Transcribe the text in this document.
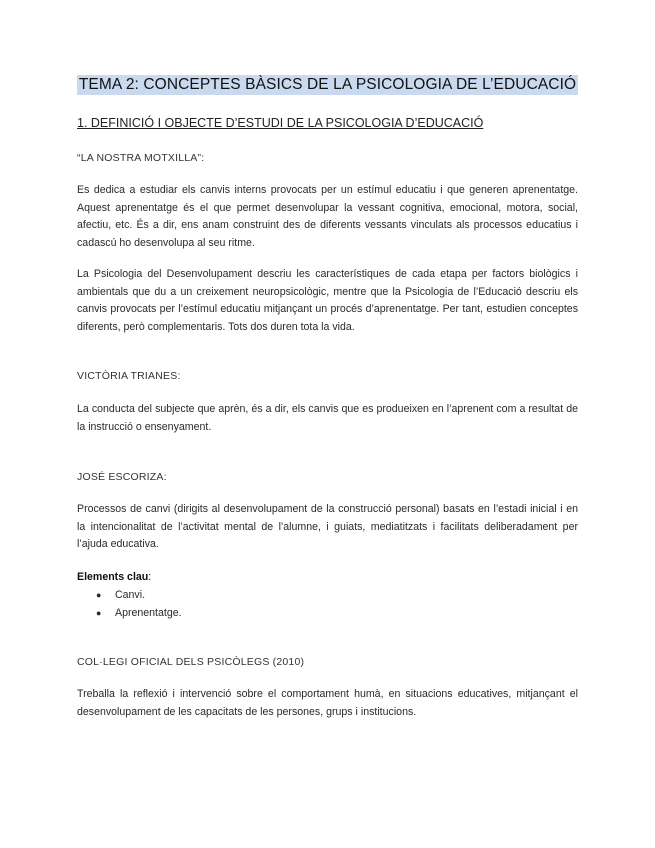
TEMA 2: CONCEPTES BÀSICS DE LA PSICOLOGIA DE L’EDUCACIÓ
1. DEFINICIÓ I OBJECTE D’ESTUDI DE LA PSICOLOGIA D’EDUCACIÓ
“LA NOSTRA MOTXILLA”:

Es dedica a estudiar els canvis interns provocats per un estímul educatiu i que generen aprenentatge. Aquest aprenentatge és el que permet desenvolupar la vessant cognitiva, emocional, motora, social, afectiu, etc. És a dir, ens anam construint des de diferents vessants vinculats als processos educatius i cadascú ho desenvolupa al seu ritme.

La Psicologia del Desenvolupament descriu les característiques de cada etapa per factors biològics i ambientals que du a un creixement neuropsicològic, mentre que la Psicologia de l’Educació descriu els canvis provocats per l’estímul educatiu mitjançant un procés d’aprenentatge. Per tant, estudien conceptes diferents, però complementaris. Tots dos duren tota la vida.

VICTÒRIA TRIANES:

La conducta del subjecte que aprèn, és a dir, els canvis que es produeixen en l’aprenent com a resultat de la instrucció o ensenyament.

JOSÉ ESCORIZA:

Processos de canvi (dirigits al desenvolupament de la construcció personal) basats en l’estadi inicial i en la intencionalitat de l’activitat mental de l’alumne, i guiats, mediatitzats i facilitats deliberadament per l’ajuda educativa.

Elements clau:
● Canvi.
● Aprenentatge.
COL·LEGI OFICIAL DELS PSICÒLEGS (2010)

Treballa la reflexió i intervenció sobre el comportament humà, en situacions educatives, mitjançant el desenvolupament de les capacitats de les persones, grups i institucions.
